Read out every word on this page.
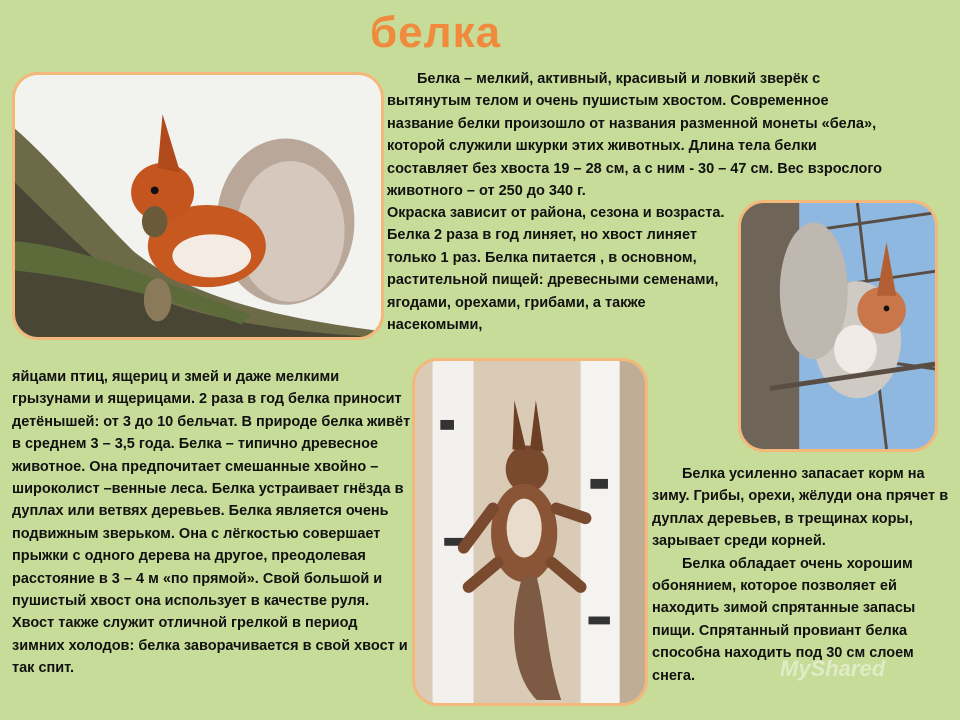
белка

Белка – мелкий, активный, красивый и ловкий зверёк с вытянутым телом и очень пушистым хвостом. Современное название белки произошло от названия разменной монеты «бела», которой служили шкурки этих животных. Длина тела белки составляет без хвоста 19 – 28 см, а с ним - 30 – 47 см. Вес взрослого животного – от 250 до 340 г.

Окраска зависит от района, сезона и возраста. Белка 2 раза в год линяет, но хвост линяет только 1 раз. Белка питается , в основном, растительной пищей: древесными семенами, ягодами, орехами, грибами, а также насекомыми,

яйцами птиц, ящериц и змей и даже мелкими грызунами и ящерицами. 2 раза в год белка приносит детёнышей: от 3 до 10 бельчат. В природе белка живёт в среднем 3 – 3,5 года. Белка – типично древесное животное. Она предпочитает смешанные хвойно –широколист –венные леса. Белка устраивает гнёзда в дуплах или ветвях деревьев. Белка является очень подвижным зверьком. Она с лёгкостью совершает прыжки с одного дерева на другое, преодолевая расстояние в 3 – 4 м «по прямой». Свой большой и пушистый хвост она использует в качестве руля. Хвост также служит отличной грелкой в период зимних холодов: белка заворачивается в свой хвост и так спит.

Белка усиленно запасает корм на зиму. Грибы, орехи, жёлуди она прячет в дуплах деревьев, в трещинах коры, зарывает среди корней.

Белка обладает очень хорошим обонянием, которое позволяет ей находить зимой спрятанные запасы пищи. Спрятанный провиант белка способна находить под 30 см слоем снега.	MyShared
